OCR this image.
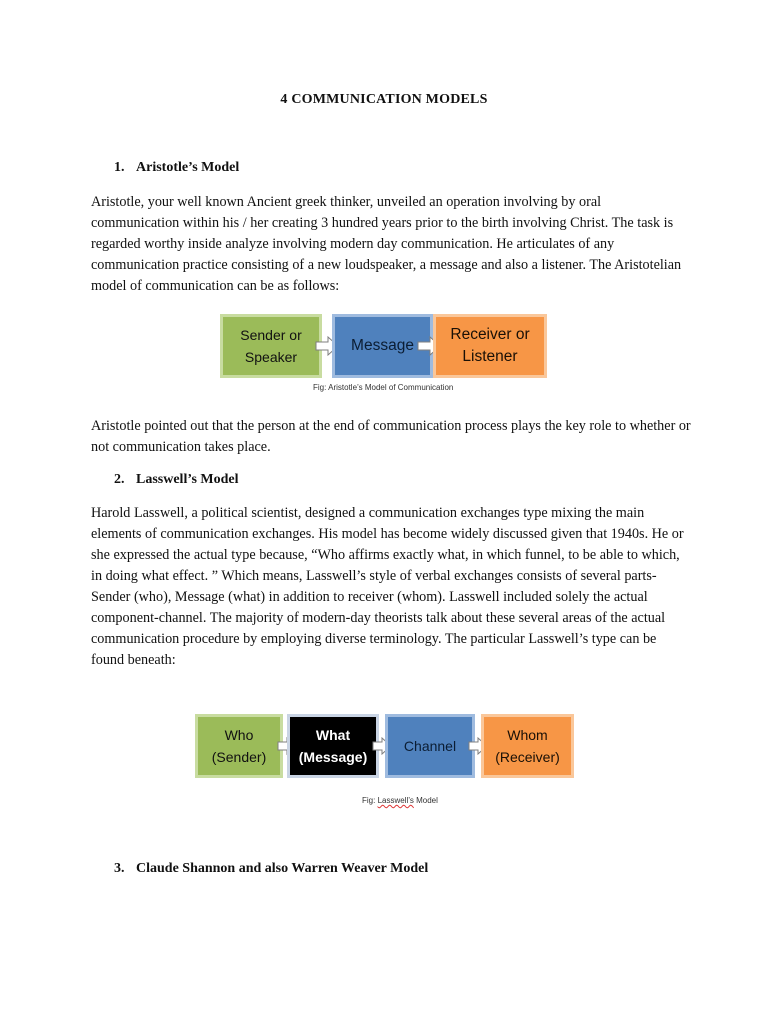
4 COMMUNICATION MODELS
1. Aristotle’s Model

Aristotle, your well known Ancient greek thinker, unveiled an operation involving by oral communication within his / her creating 3 hundred years prior to the birth involving Christ. The task is regarded worthy inside analyze involving modern day communication. He articulates of any communication practice consisting of a new loudspeaker, a message and also a listener. The Aristotelian model of communication can be as follows:

Sender or
Speaker
Message
Receiver or
Listener
Fig: Aristotle’s Model of Communication

Aristotle pointed out that the person at the end of communication process plays the key role to whether or not communication takes place.

2. Lasswell’s Model

Harold Lasswell, a political scientist, designed a communication exchanges type mixing the main elements of communication exchanges. His model has become widely discussed given that 1940s. He or she expressed the actual type because, “Who affirms exactly what, in which funnel, to be able to which, in doing what effect. ” Which means, Lasswell’s style of verbal exchanges consists of several parts- Sender (who), Message (what) in addition to receiver (whom). Lasswell included solely the actual component-channel. The majority of modern-day theorists talk about these several areas of the actual communication procedure by employing diverse terminology. The particular Lasswell’s type can be found beneath:

Who
(Sender)
What
(Message)
Channel
Whom
(Receiver)
Fig: Lasswell’s Model
3. Claude Shannon and also Warren Weaver Model
